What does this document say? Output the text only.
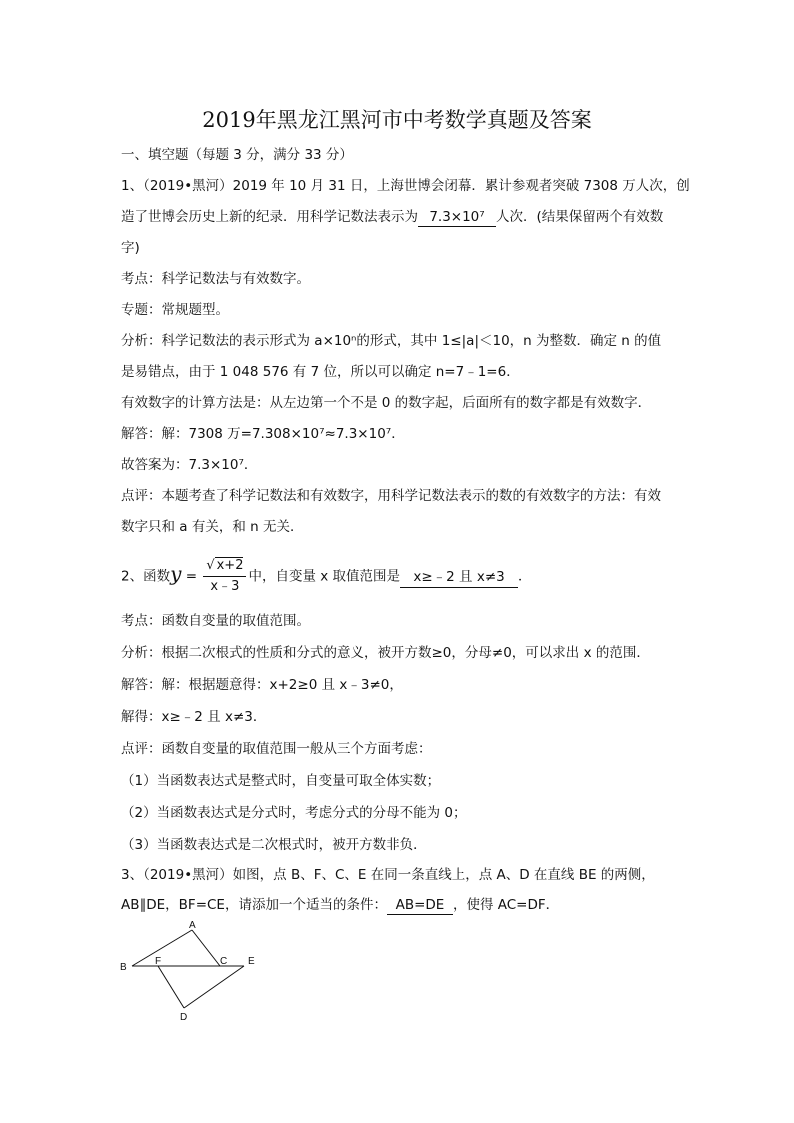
2019年黑龙江黑河市中考数学真题及答案
一、填空题（每题 3 分，满分 33 分）
1、（2019•黑河）2019 年 10 月 31 日，上海世博会闭幕．累计参观者突破 7308 万人次，创
造了世博会历史上新的纪录．用科学记数法表示为 7.3×10⁷ 人次．(结果保留两个有效数
字)
考点：科学记数法与有效数字。
专题：常规题型。
分析：科学记数法的表示形式为 a×10ⁿ的形式，其中 1≤|a|＜10，n 为整数．确定 n 的值
是易错点，由于 1 048 576 有 7 位，所以可以确定 n=7﹣1=6．
有效数字的计算方法是：从左边第一个不是 0 的数字起，后面所有的数字都是有效数字．
解答：解：7308 万=7.308×10⁷≈7.3×10⁷．
故答案为：7.3×10⁷．
点评：本题考查了科学记数法和有效数字，用科学记数法表示的数的有效数字的方法：有效
数字只和 a 有关，和 n 无关．
2、函数$y = \frac{√ x+2}{x﹣3}$ 中，自变量 x 取值范围是 x≥﹣2 且 x≠3 ．
考点：函数自变量的取值范围。
分析：根据二次根式的性质和分式的意义，被开方数≥0，分母≠0，可以求出 x 的范围．
解答：解：根据题意得：x+2≥0 且 x﹣3≠0，
解得：x≥﹣2 且 x≠3．
点评：函数自变量的取值范围一般从三个方面考虑：
（1）当函数表达式是整式时，自变量可取全体实数；
（2）当函数表达式是分式时，考虑分式的分母不能为 0；
（3）当函数表达式是二次根式时，被开方数非负．
3、（2019•黑河）如图，点 B、F、C、E 在同一条直线上，点 A、D 在直线 BE 的两侧，
AB∥DE，BF=CE，请添加一个适当的条件： AB=DE ，使得 AC=DF．
A
B
F	C E
D
